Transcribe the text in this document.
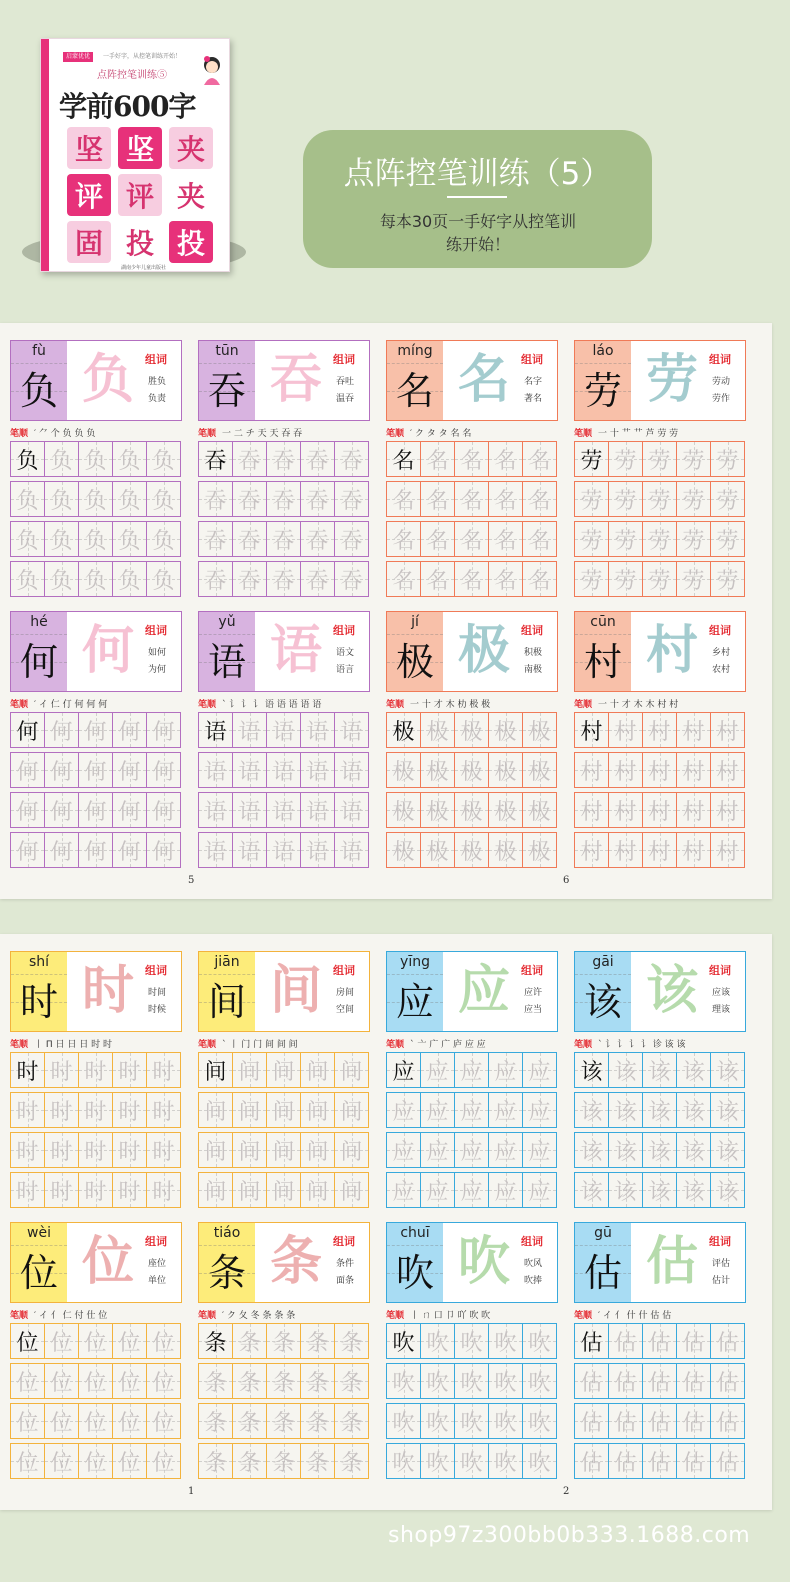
启蒙优优	一手好字，从控笔训练开始！
点阵控笔训练⑤
学前600字
坚 坚 夹
评 评 夹
固 投 投
湖南少年儿童出版社
点阵控笔训练（5）
每本30页一手好字从控笔训
练开始！
fù
负 负	组词
胜负
负责
笔顺 ′ ⺈ 个 负 负 负
负 负 负 负 负
负 负 负 负 负
负 负 负 负 负
负 负 负 负 负
tūn
吞 吞	组词
吞吐
温吞
笔顺 一 二 チ 天 天 吞 吞
吞 吞 吞 吞 吞
吞 吞 吞 吞 吞
吞 吞 吞 吞 吞
吞 吞 吞 吞 吞
míng
名 名	组词
名字
著名
笔顺 ′ ク タ タ 名 名
名 名 名 名 名
名 名 名 名 名
名 名 名 名 名
名 名 名 名 名
láo
劳 劳	组词
劳动
劳作
笔顺 一 十 艹 艹 芦 劳 劳
劳 劳 劳 劳 劳
劳 劳 劳 劳 劳
劳 劳 劳 劳 劳
劳 劳 劳 劳 劳
hé
何 何	组词
如何
为何
笔顺 ′ イ 仁 仃 何 何 何
何 何 何 何 何
何 何 何 何 何
何 何 何 何 何
何 何 何 何 何
yǔ
语 语	组词
语文
语言
笔顺 ` 讠 讠 讠 语 语 语 语 语
语 语 语 语 语
语 语 语 语 语
语 语 语 语 语
语 语 语 语 语
jí
极 极	组词
积极
南极
笔顺 一 十 才 木 朸 极 极
极 极 极 极 极
极 极 极 极 极
极 极 极 极 极
极 极 极 极 极
cūn
村 村	组词
乡村
农村
笔顺 一 十 才 木 木 村 村
村 村 村 村 村
村 村 村 村 村
村 村 村 村 村
村 村 村 村 村
5	6
shí
时 时	组词
时间
时候
笔顺 丨 П 日 日 日 时 时
时 时 时 时 时
时 时 时 时 时
时 时 时 时 时
时 时 时 时 时
jiān
间 间	组词
房间
空间
笔顺 ` 丨 门 门 间 间 间
间 间 间 间 间
间 间 间 间 间
间 间 间 间 间
间 间 间 间 间
yīng
应 应	组词
应许
应当
笔顺 ` 亠 广 广 庐 应 应
应 应 应 应 应
应 应 应 应 应
应 应 应 应 应
应 应 应 应 应
gāi
该 该	组词
应该
理该
笔顺 ` 讠 讠 讠 讠 诊 该 该
该 该 该 该 该
该 该 该 该 该
该 该 该 该 该
该 该 该 该 该
wèi
位 位	组词
座位
单位
笔顺 ′ イ 亻 仁 付 仕 位
位 位 位 位 位
位 位 位 位 位
位 位 位 位 位
位 位 位 位 位
tiáo
条 条	组词
条件
面条
笔顺 ′ ク 夂 冬 条 条 条
条 条 条 条 条
条 条 条 条 条
条 条 条 条 条
条 条 条 条 条
chuī
吹 吹	组词
吹风
吹捧
笔顺 丨 ㄇ 口 卩 吖 吹 吹
吹 吹 吹 吹 吹
吹 吹 吹 吹 吹
吹 吹 吹 吹 吹
吹 吹 吹 吹 吹
gū
估 估	组词
评估
估计
笔顺 ′ イ 亻 什 什 估 估
估 估 估 估 估
估 估 估 估 估
估 估 估 估 估
估 估 估 估 估
1	2
shop97z300bb0b333.1688.com
